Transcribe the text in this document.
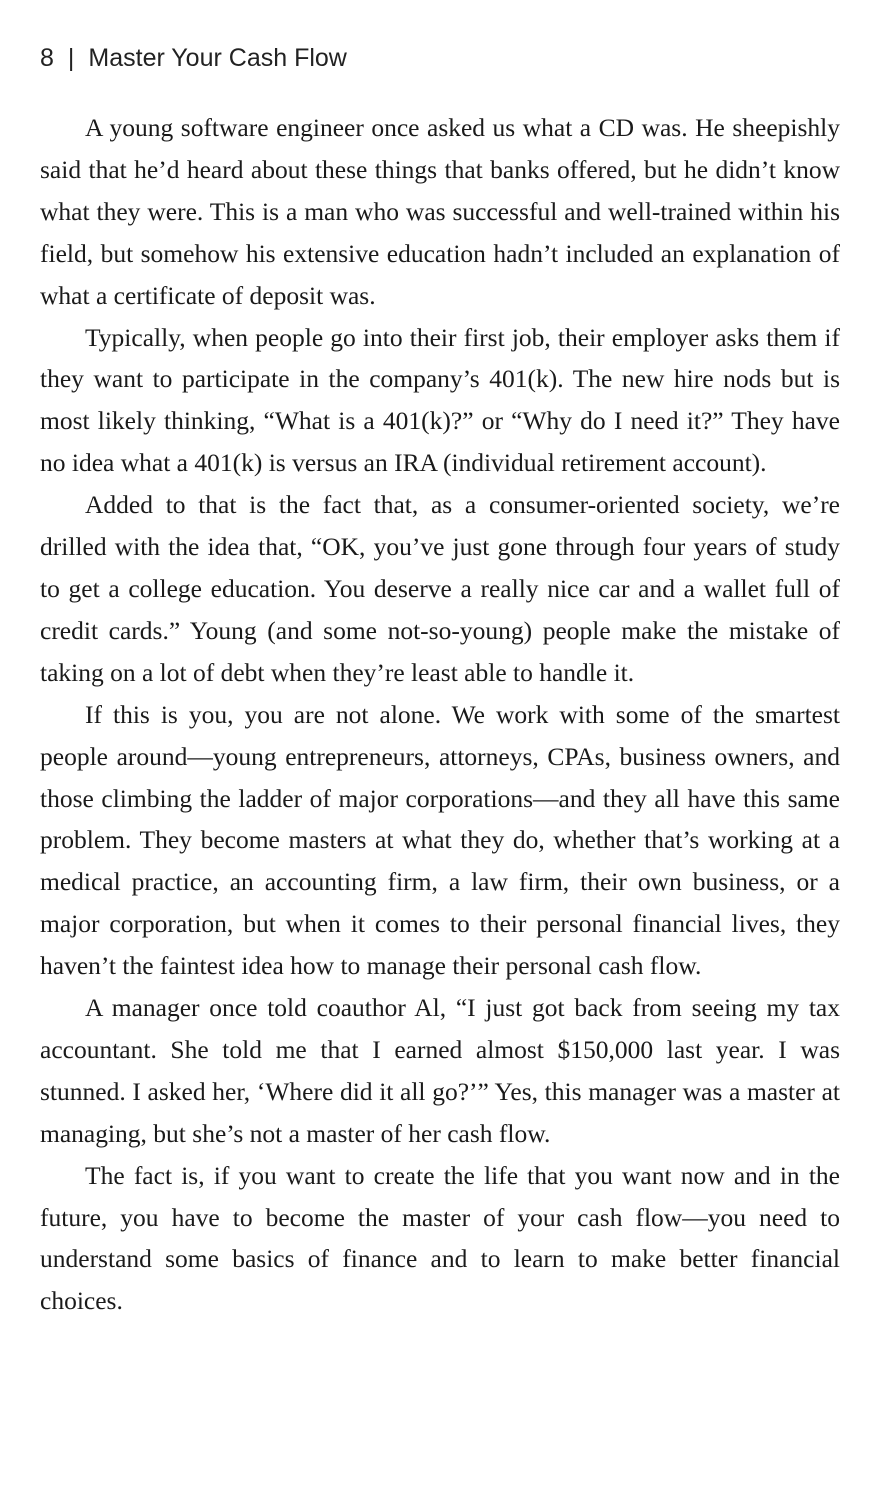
8 | Master Your Cash Flow

A young software engineer once asked us what a CD was. He sheepishly said that he’d heard about these things that banks offered, but he didn’t know what they were. This is a man who was successful and well-trained within his field, but somehow his extensive education hadn’t included an explanation of what a certificate of deposit was.

Typically, when people go into their first job, their employer asks them if they want to participate in the company’s 401(k). The new hire nods but is most likely thinking, “What is a 401(k)?” or “Why do I need it?” They have no idea what a 401(k) is versus an IRA (individual retirement account).

Added to that is the fact that, as a consumer-oriented society, we’re drilled with the idea that, “OK, you’ve just gone through four years of study to get a college education. You deserve a really nice car and a wallet full of credit cards.” Young (and some not-so-young) people make the mistake of taking on a lot of debt when they’re least able to handle it.

If this is you, you are not alone. We work with some of the smartest people around—young entrepreneurs, attorneys, CPAs, business owners, and those climbing the ladder of major corporations—and they all have this same problem. They become masters at what they do, whether that’s working at a medical practice, an accounting firm, a law firm, their own business, or a major corporation, but when it comes to their personal financial lives, they haven’t the faintest idea how to manage their personal cash flow.

A manager once told coauthor Al, “I just got back from seeing my tax accountant. She told me that I earned almost $150,000 last year. I was stunned. I asked her, ‘Where did it all go?’” Yes, this manager was a master at managing, but she’s not a master of her cash flow.

The fact is, if you want to create the life that you want now and in the future, you have to become the master of your cash flow—you need to understand some basics of finance and to learn to make better financial choices.
